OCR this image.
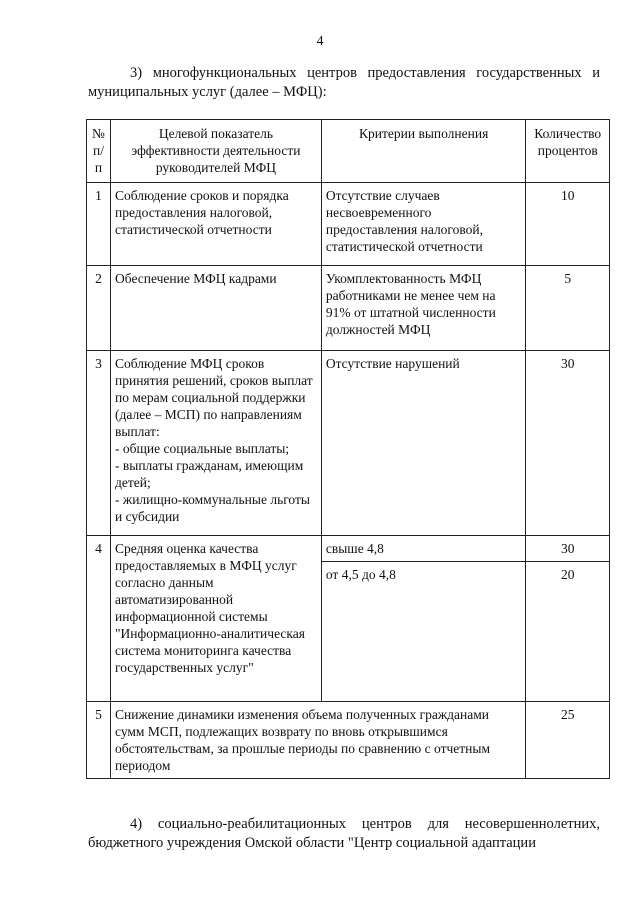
4
3) многофункциональных центров предоставления государственных и муниципальных услуг (далее – МФЦ):
№ п/п	Целевой показатель эффективности деятельности руководителей МФЦ	Критерии выполнения	Количество процентов
1	Соблюдение сроков и порядка предоставления налоговой, статистической отчетности	Отсутствие случаев несвоевременного предоставления налоговой, статистической отчетности	10
2	Обеспечение МФЦ кадрами	Укомплектованность МФЦ работниками не менее чем на 91% от штатной численности должностей МФЦ	5
3	Соблюдение МФЦ сроков принятия решений, сроков выплат по мерам социальной поддержки (далее – МСП) по направлениям выплат:
- общие социальные выплаты;
- выплаты гражданам, имеющим детей;
- жилищно-коммунальные льготы и субсидии	Отсутствие нарушений	30
4	Средняя оценка качества предоставляемых в МФЦ услуг согласно данным автоматизированной информационной системы "Информационно-аналитическая система мониторинга качества государственных услуг"	свыше 4,8	30
		от 4,5 до 4,8	20
5	Снижение динамики изменения объема полученных гражданами сумм МСП, подлежащих возврату по вновь открывшимся обстоятельствам, за прошлые периоды по сравнению с отчетным периодом		25
4) социально-реабилитационных центров для несовершеннолетних, бюджетного учреждения Омской области "Центр социальной адаптации
